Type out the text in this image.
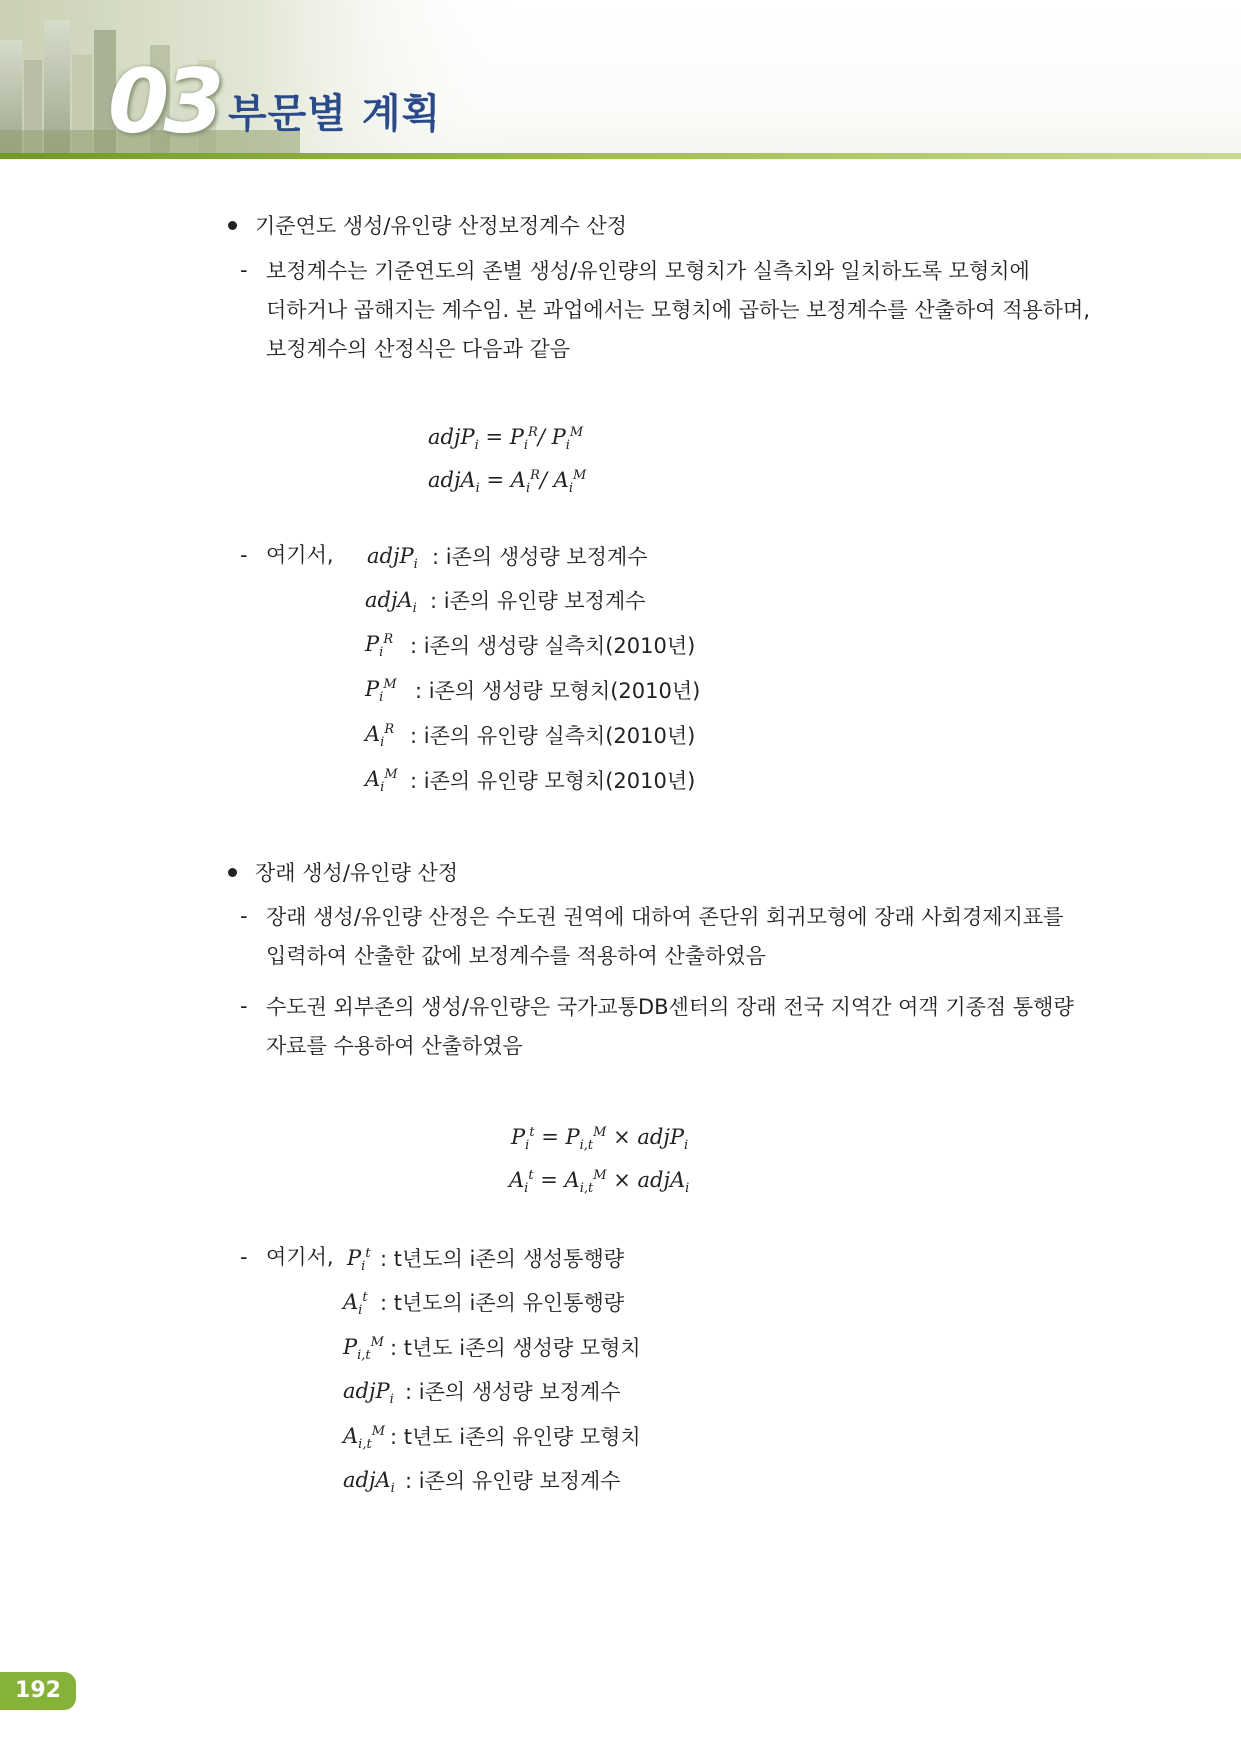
03 부문별 계획
기준연도 생성/유인량 산정보정계수 산정
- 보정계수는 기준연도의 존별 생성/유인량의 모형치가 실측치와 일치하도록 모형치에
더하거나 곱해지는 계수임. 본 과업에서는 모형치에 곱하는 보정계수를 산출하여 적용하며,
보정계수의 산정식은 다음과 같음
adjP$_i$ = $P_i^R/$ $P_i^M$
adjA$_i$ = $A_i^R/$ $A_i^M$
- 여기서, adjP$_i$ : i존의 생성량 보정계수
adjA$_i$ : i존의 유인량 보정계수
$P_i^R$ : i존의 생성량 실측치(2010년)
$P_i^M$ : i존의 생성량 모형치(2010년)
$A_i^R$ : i존의 유인량 실측치(2010년)
$A_i^M$ : i존의 유인량 모형치(2010년)
장래 생성/유인량 산정
- 장래 생성/유인량 산정은 수도권 권역에 대하여 존단위 회귀모형에 장래 사회경제지표를
입력하여 산출한 값에 보정계수를 적용하여 산출하였음
- 수도권 외부존의 생성/유인량은 국가교통DB센터의 장래 전국 지역간 여객 기종점 통행량
자료를 수용하여 산출하였음
$P_i^t = P_{i,t}^M$ × adjP$_i$
$A_i^t = A_{i,t}^M$ × adjA$_i$
- 여기서, $P_i^t$ : t년도의 i존의 생성통행량
$A_i^t$ : t년도의 i존의 유인통행량
$P_{i,t}^M$ : t년도 i존의 생성량 모형치
adjP$_i$ : i존의 생성량 보정계수
$A_{i,t}^M$ : t년도 i존의 유인량 모형치
adjA$_i$ : i존의 유인량 보정계수
192
